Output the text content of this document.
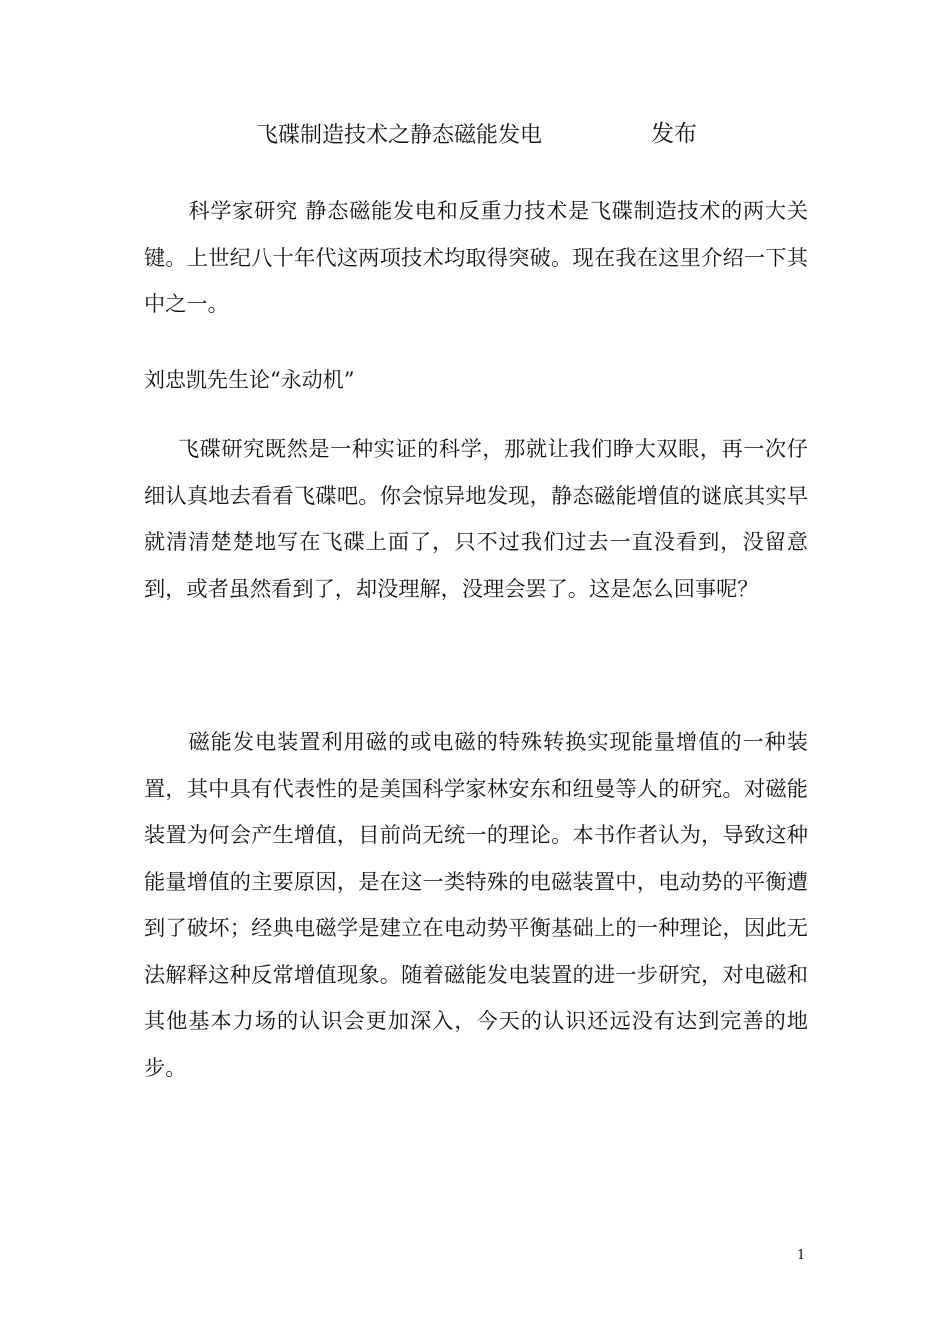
飞碟制造技术之静态磁能发电	发布

科学家研究 静态磁能发电和反重力技术是飞碟制造技术的两大关键。上世纪八十年代这两项技术均取得突破。现在我在这里介绍一下其中之一。

刘忠凯先生论“永动机”

飞碟研究既然是一种实证的科学，那就让我们睁大双眼，再一次仔细认真地去看看飞碟吧。你会惊异地发现，静态磁能增值的谜底其实早就清清楚楚地写在飞碟上面了，只不过我们过去一直没看到，没留意到，或者虽然看到了，却没理解，没理会罢了。这是怎么回事呢？

磁能发电装置利用磁的或电磁的特殊转换实现能量增值的一种装置，其中具有代表性的是美国科学家林安东和纽曼等人的研究。对磁能装置为何会产生增值，目前尚无统一的理论。本书作者认为，导致这种能量增值的主要原因，是在这一类特殊的电磁装置中，电动势的平衡遭到了破坏；经典电磁学是建立在电动势平衡基础上的一种理论，因此无法解释这种反常增值现象。随着磁能发电装置的进一步研究，对电磁和其他基本力场的认识会更加深入，今天的认识还远没有达到完善的地步。

1
